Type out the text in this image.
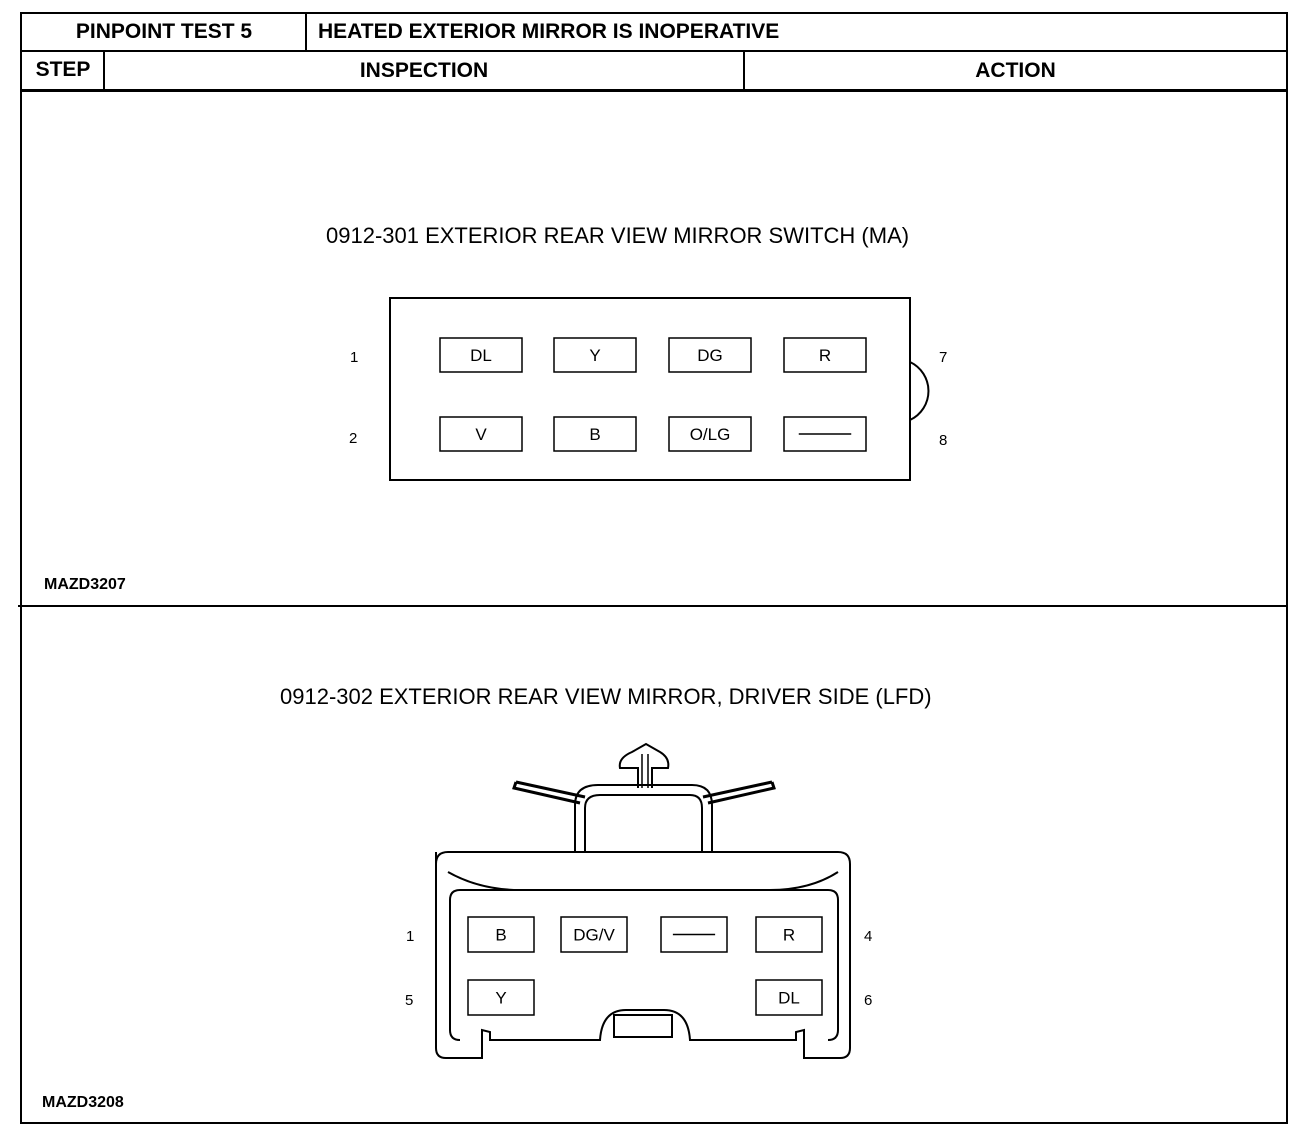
PINPOINT TEST 5	HEATED EXTERIOR MIRROR IS INOPERATIVE
STEP	INSPECTION	ACTION
0912-301 EXTERIOR REAR VIEW MIRROR SWITCH (MA)
DL	Y	DG	R
V	B	O/LG
1
2
7
8
MAZD3207
0912-302 EXTERIOR REAR VIEW MIRROR, DRIVER SIDE (LFD)
B	DG/V	R
Y	DL
1	4
5	6
MAZD3208
